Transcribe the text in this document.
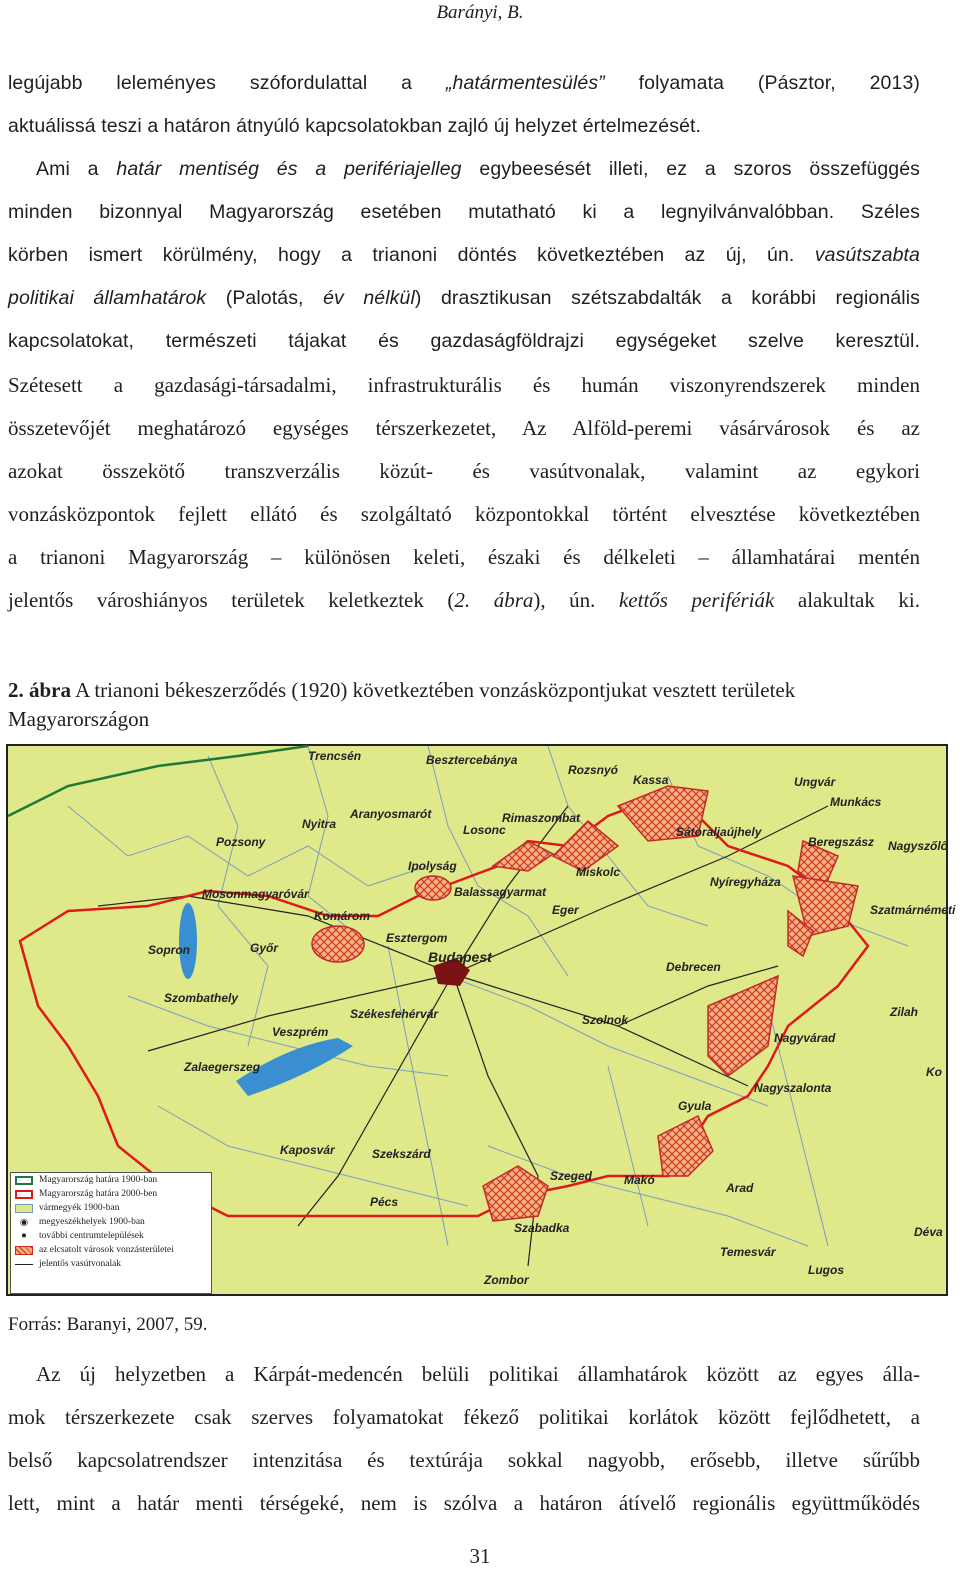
Barányi, B.
legújabb leleményes szófordulattal a „határmentesülés” folyamata (Pásztor, 2013)
aktuálissá teszi a határon átnyúló kapcsolatokban zajló új helyzet értelmezését.
Ami a határ mentiség és a perifériajelleg egybeesését illeti, ez a szoros összefüggés
minden bizonnyal Magyarország esetében mutatható ki a legnyilvánvalóbban. Széles
körben ismert körülmény, hogy a trianoni döntés következtében az új, ún. vasútszabta
politikai államhatárok (Palotás, év nélkül) drasztikusan szétszabdalták a korábbi regionális
kapcsolatokat, természeti tájakat és gazdaságföldrajzi egységeket szelve keresztül.
Szétesett a gazdasági-társadalmi, infrastrukturális és humán viszonyrendszerek minden
összetevőjét meghatározó egységes térszerkezetet, Az Alföld-peremi vásárvárosok és az
azokat összekötő transzverzális közút- és vasútvonalak, valamint az egykori
vonzásközpontok fejlett ellátó és szolgáltató központokkal történt elvesztése következtében
a trianoni Magyarország – különösen keleti, északi és délkeleti – államhatárai mentén
jelentős városhiányos területek keletkeztek (2. ábra), ún. kettős perifériák alakultak ki.
2. ábra A trianoni békeszerződés (1920) következtében vonzásközpontjukat vesztett területek Magyarországon
Trencsén	Besztercebánya
Rozsnyó
Kassa	Ungvár
Munkács
Nyitra
Aranyosmarót	Rimaszombat
Losonc	Sátoraljaújhely
Beregszász Nagyszőlő
Pozsony
Ipolyság	Miskolc
Nyíregyháza
Szatmárnémeti
Mosonmagyaróvár	Balassagyarmat
Eger
Komárom
Esztergom
Sopron	Győr
Budapest
Debrecen
Szombathely
Székesfehérvár	Szolnok
Zilah
Veszprém	Nagyvárad
Zalaegerszeg
Nagyszalonta
Gyula
Kaposvár	Szekszárd
Szeged	Makó
Arad
Pécs
Szabadka
Temesvár
Déva
Lugos
Zombor
Ko
Magyarország határa 1900-ban
Magyarország határa 2000-ben
vármegyék 1900-ban
◉	megyeszékhelyek 1900-ban
●	további centrumtelepülések
az elcsatolt városok vonzásterületei
jelentős vasútvonalak
Forrás: Baranyi, 2007, 59.
Az új helyzetben a Kárpát-medencén belüli politikai államhatárok között az egyes álla-
mok térszerkezete csak szerves folyamatokat fékező politikai korlátok között fejlődhetett, a
belső kapcsolatrendszer intenzitása és textúrája sokkal nagyobb, erősebb, illetve sűrűbb
lett, mint a határ menti térségeké, nem is szólva a határon átívelő regionális együttműködés
31
